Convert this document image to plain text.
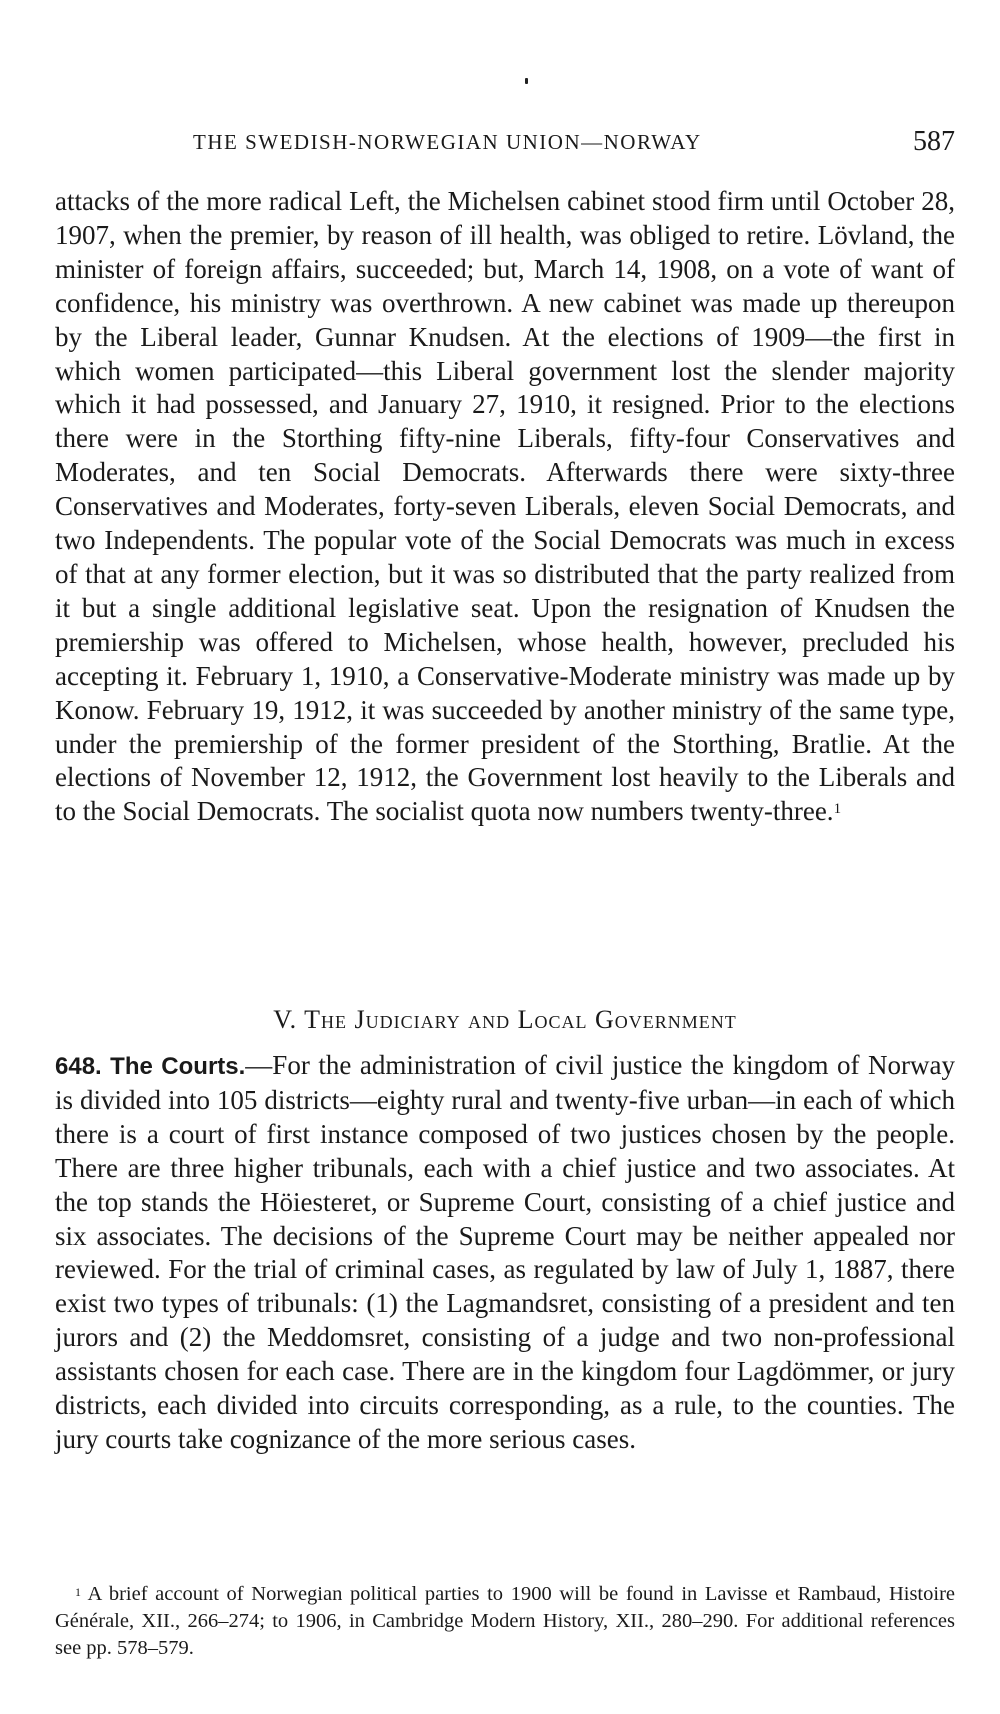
THE SWEDISH-NORWEGIAN UNION—NORWAY	587

attacks of the more radical Left, the Michelsen cabinet stood firm until October 28, 1907, when the premier, by reason of ill health, was obliged to retire. Lövland, the minister of foreign affairs, succeeded; but, March 14, 1908, on a vote of want of confidence, his ministry was overthrown. A new cabinet was made up thereupon by the Liberal leader, Gunnar Knudsen. At the elections of 1909—the first in which women participated—this Liberal government lost the slender majority which it had possessed, and January 27, 1910, it resigned. Prior to the elections there were in the Storthing fifty-nine Liberals, fifty-four Conservatives and Moderates, and ten Social Democrats. Afterwards there were sixty-three Conservatives and Moderates, forty-seven Liberals, eleven Social Democrats, and two Independents. The popular vote of the Social Democrats was much in excess of that at any former election, but it was so distributed that the party realized from it but a single additional legislative seat. Upon the resignation of Knudsen the premiership was offered to Michelsen, whose health, however, precluded his accepting it. February 1, 1910, a Conservative-Moderate ministry was made up by Konow. February 19, 1912, it was succeeded by another ministry of the same type, under the premiership of the former president of the Storthing, Bratlie. At the elections of November 12, 1912, the Government lost heavily to the Liberals and to the Social Democrats. The socialist quota now numbers twenty-three.$^1$

V. The Judiciary and Local Government

648. The Courts.—For the administration of civil justice the kingdom of Norway is divided into 105 districts—eighty rural and twenty-five urban—in each of which there is a court of first instance composed of two justices chosen by the people. There are three higher tribunals, each with a chief justice and two associates. At the top stands the Höiesteret, or Supreme Court, consisting of a chief justice and six associates. The decisions of the Supreme Court may be neither appealed nor reviewed. For the trial of criminal cases, as regulated by law of July 1, 1887, there exist two types of tribunals: (1) the Lagmandsret, consisting of a president and ten jurors and (2) the Meddomsret, consisting of a judge and two non-professional assistants chosen for each case. There are in the kingdom four Lagdömmer, or jury districts, each divided into circuits corresponding, as a rule, to the counties. The jury courts take cognizance of the more serious cases.

$^1$ A brief account of Norwegian political parties to 1900 will be found in Lavisse et Rambaud, Histoire Générale, XII., 266–274; to 1906, in Cambridge Modern History, XII., 280–290. For additional references see pp. 578–579.
